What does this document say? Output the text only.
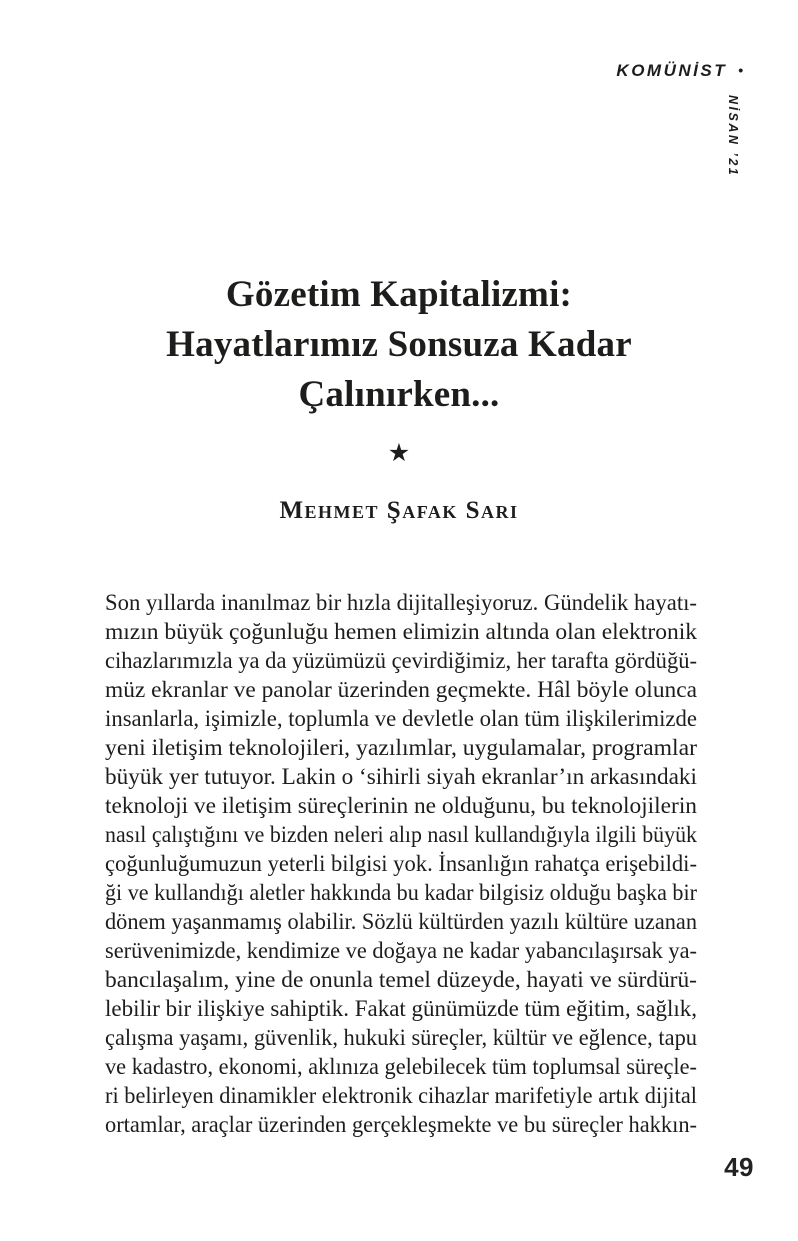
KOMÜNİST •
NİSAN ’21
Gözetim Kapitalizmi:
Hayatlarımız Sonsuza Kadar
Çalınırken...
★
Mehmet Şafak Sarı
Son yıllarda inanılmaz bir hızla dijitalleşiyoruz. Gündelik hayatı-
mızın büyük çoğunluğu hemen elimizin altında olan elektronik
cihazlarımızla ya da yüzümüzü çevirdiğimiz, her tarafta gördüğü-
müz ekranlar ve panolar üzerinden geçmekte. Hâl böyle olunca
insanlarla, işimizle, toplumla ve devletle olan tüm ilişkilerimizde
yeni iletişim teknolojileri, yazılımlar, uygulamalar, programlar
büyük yer tutuyor. Lakin o ‘sihirli siyah ekranlar’ın arkasındaki
teknoloji ve iletişim süreçlerinin ne olduğunu, bu teknolojilerin
nasıl çalıştığını ve bizden neleri alıp nasıl kullandığıyla ilgili büyük
çoğunluğumuzun yeterli bilgisi yok. İnsanlığın rahatça erişebildi-
ği ve kullandığı aletler hakkında bu kadar bilgisiz olduğu başka bir
dönem yaşanmamış olabilir. Sözlü kültürden yazılı kültüre uzanan
serüvenimizde, kendimize ve doğaya ne kadar yabancılaşırsak ya-
bancılaşalım, yine de onunla temel düzeyde, hayati ve sürdürü-
lebilir bir ilişkiye sahiptik. Fakat günümüzde tüm eğitim, sağlık,
çalışma yaşamı, güvenlik, hukuki süreçler, kültür ve eğlence, tapu
ve kadastro, ekonomi, aklınıza gelebilecek tüm toplumsal süreçle-
ri belirleyen dinamikler elektronik cihazlar marifetiyle artık dijital
ortamlar, araçlar üzerinden gerçekleşmekte ve bu süreçler hakkın-
49
